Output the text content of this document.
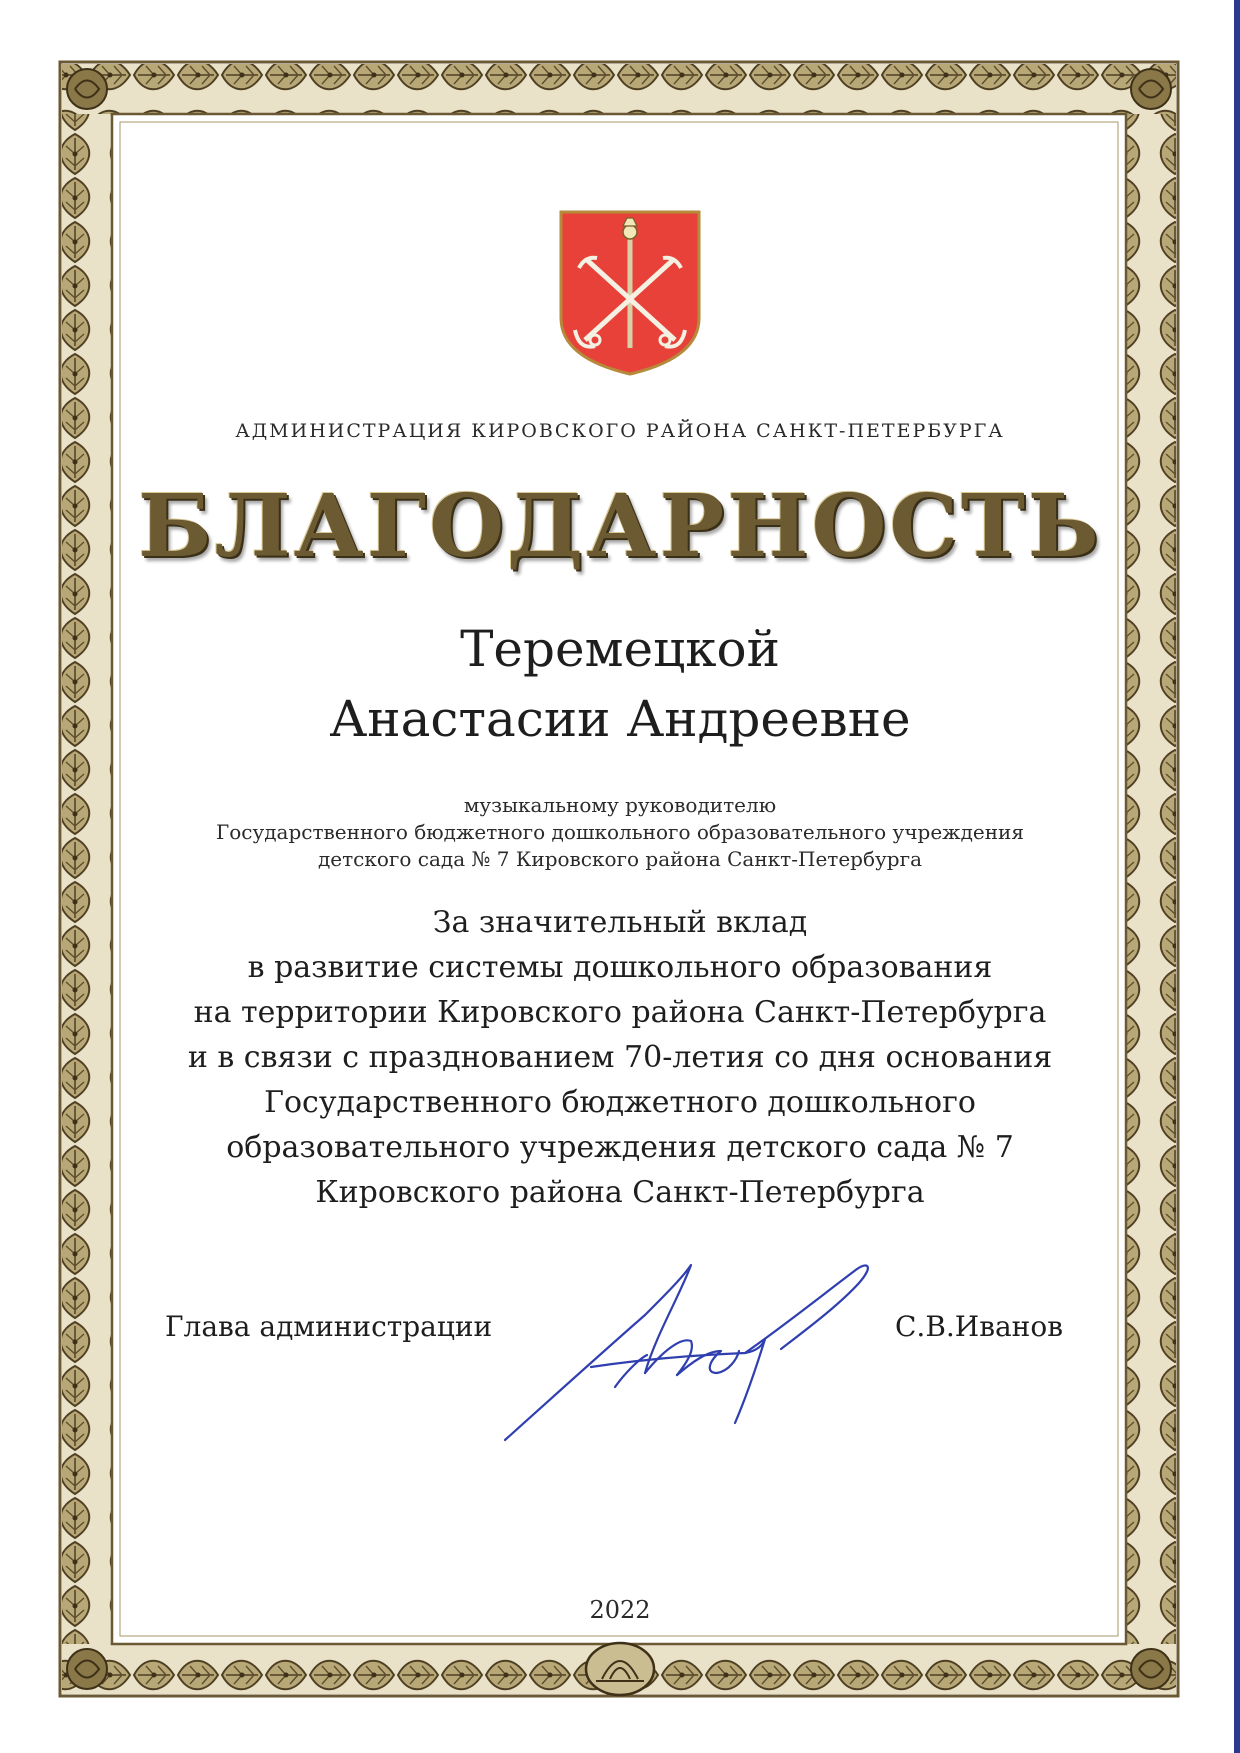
АДМИНИСТРАЦИЯ КИРОВСКОГО РАЙОНА САНКТ-ПЕТЕРБУРГА
БЛАГОДАРНОСТЬ
Теремецкой
Анастасии Андреевне
музыкальному руководителю
Государственного бюджетного дошкольного образовательного учреждения
детского сада № 7 Кировского района Санкт-Петербурга
За значительный вклад
в развитие системы дошкольного образования
на территории Кировского района Санкт-Петербурга
и в связи с празднованием 70-летия со дня основания
Государственного бюджетного дошкольного
образовательного учреждения детского сада № 7
Кировского района Санкт-Петербурга
Глава администрации	С.В.Иванов
2022
